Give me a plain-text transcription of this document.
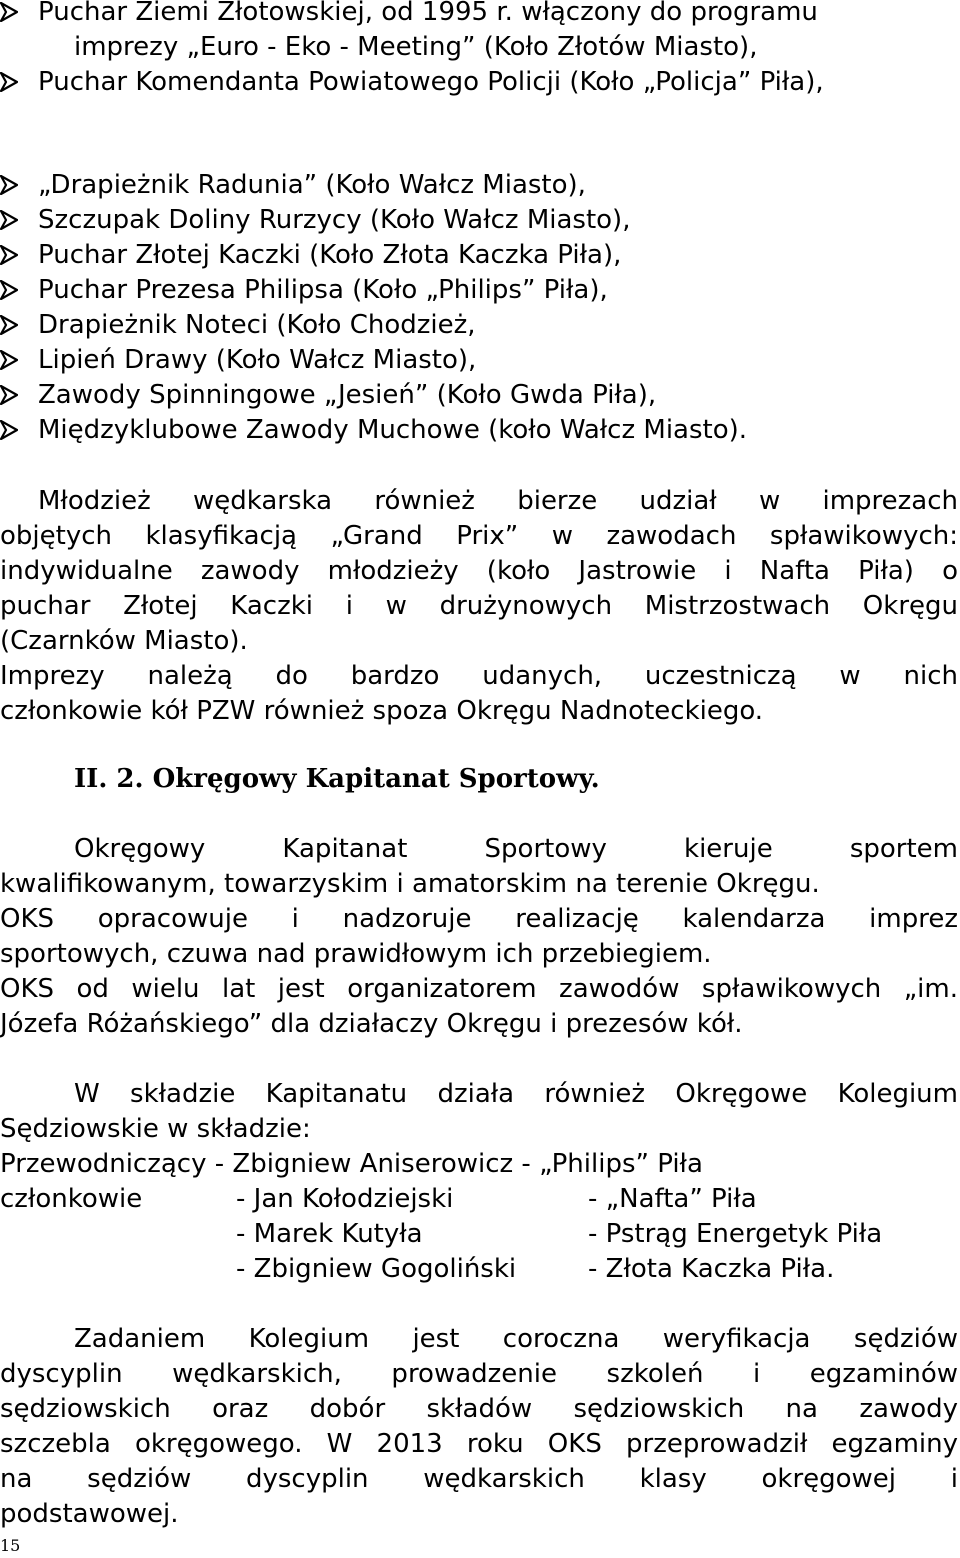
Puchar Ziemi Złotowskiej, od 1995 r. włączony do programu
imprezy „Euro - Eko - Meeting” (Koło Złotów Miasto),
Puchar Komendanta Powiatowego Policji (Koło „Policja” Piła),
„Drapieżnik Radunia” (Koło Wałcz Miasto),
Szczupak Doliny Rurzycy (Koło Wałcz Miasto),
Puchar Złotej Kaczki (Koło Złota Kaczka Piła),
Puchar Prezesa Philipsa (Koło „Philips” Piła),
Drapieżnik Noteci (Koło Chodzież,
Lipień Drawy (Koło Wałcz Miasto),
Zawody Spinningowe „Jesień” (Koło Gwda Piła),
Międzyklubowe Zawody Muchowe (koło Wałcz Miasto).
Młodzież wędkarska również bierze udział w imprezach
objętych klasyfikacją „Grand Prix” w zawodach spławikowych:
indywidualne zawody młodzieży (koło Jastrowie i Nafta Piła) o
puchar Złotej Kaczki i w drużynowych Mistrzostwach Okręgu
(Czarnków Miasto).
Imprezy należą do bardzo udanych, uczestniczą w nich
członkowie kół PZW również spoza Okręgu Nadnoteckiego.
II. 2. Okręgowy Kapitanat Sportowy.
Okręgowy Kapitanat Sportowy kieruje sportem
kwalifikowanym, towarzyskim i amatorskim na terenie Okręgu.
OKS opracowuje i nadzoruje realizację kalendarza imprez
sportowych, czuwa nad prawidłowym ich przebiegiem.
OKS od wielu lat jest organizatorem zawodów spławikowych „im.
Józefa Różańskiego” dla działaczy Okręgu i prezesów kół.
W składzie Kapitanatu działa również Okręgowe Kolegium
Sędziowskie w składzie:
Przewodniczący - Zbigniew Aniserowicz - „Philips” Piła
członkowie	- Jan Kołodziejski	- „Nafta” Piła
- Marek Kutyła	- Pstrąg Energetyk Piła
- Zbigniew Gogoliński	- Złota Kaczka Piła.
Zadaniem Kolegium jest coroczna weryfikacja sędziów
dyscyplin wędkarskich, prowadzenie szkoleń i egzaminów
sędziowskich oraz dobór składów sędziowskich na zawody
szczebla okręgowego. W 2013 roku OKS przeprowadził egzaminy
na sędziów dyscyplin wędkarskich klasy okręgowej i
podstawowej.
15
